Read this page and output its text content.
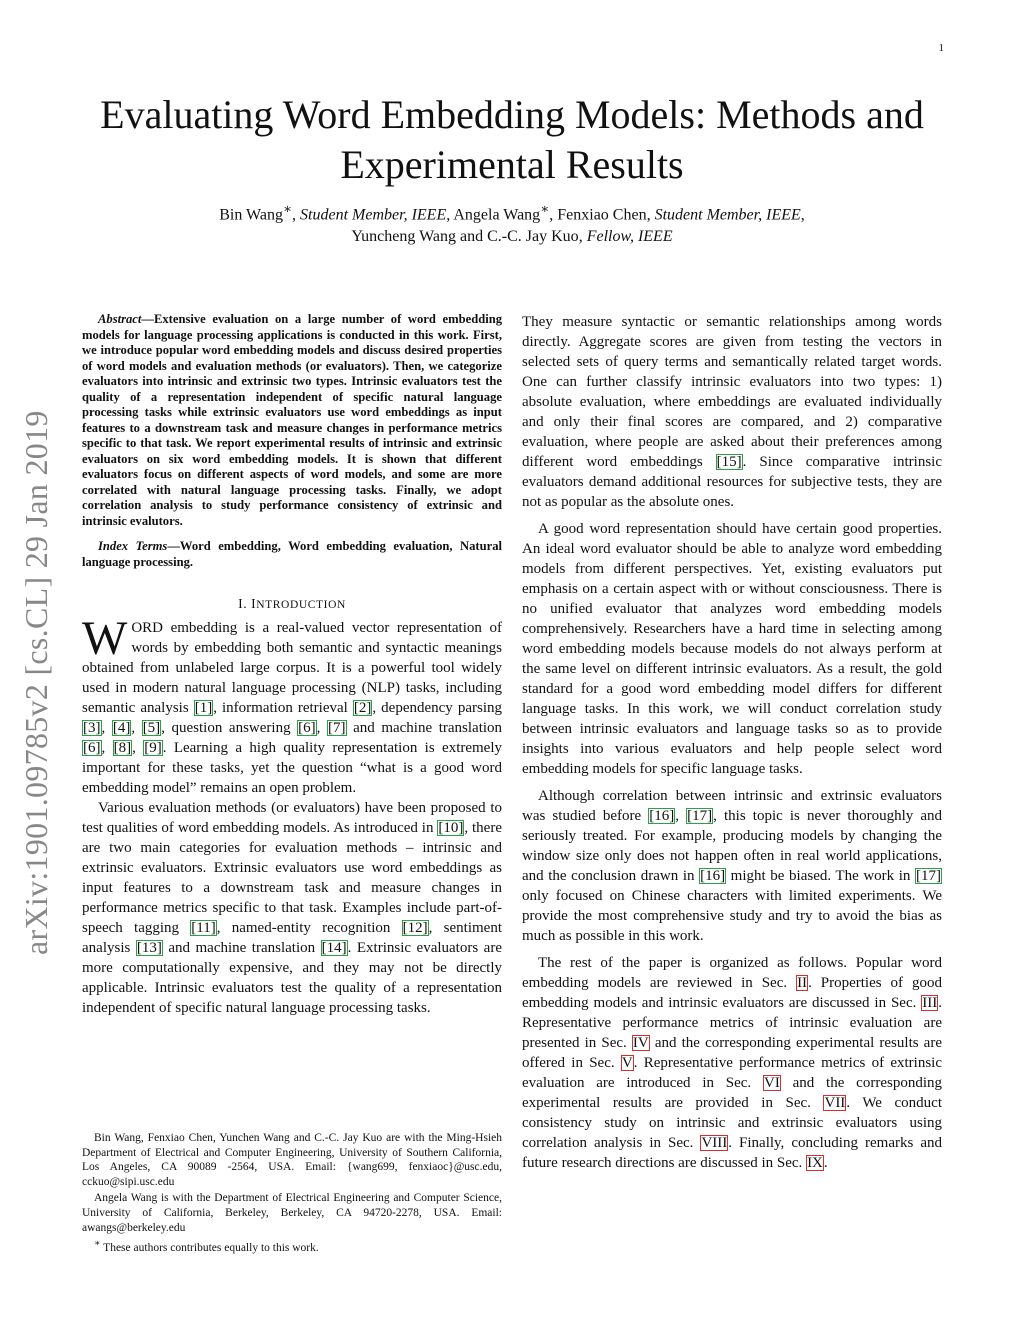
1
arXiv:1901.09785v2 [cs.CL] 29 Jan 2019
Evaluating Word Embedding Models: Methods and
Experimental Results
Bin Wang∗, Student Member, IEEE, Angela Wang∗, Fenxiao Chen, Student Member, IEEE,
Yuncheng Wang and C.-C. Jay Kuo, Fellow, IEEE

Abstract—Extensive evaluation on a large number of word embedding models for language processing applications is conducted in this work. First, we introduce popular word embedding models and discuss desired properties of word models and evaluation methods (or evaluators). Then, we categorize evaluators into intrinsic and extrinsic two types. Intrinsic evaluators test the quality of a representation independent of specific natural language processing tasks while extrinsic evaluators use word embeddings as input features to a downstream task and measure changes in performance metrics specific to that task. We report experimental results of intrinsic and extrinsic evaluators on six word embedding models. It is shown that different evaluators focus on different aspects of word models, and some are more correlated with natural language processing tasks. Finally, we adopt correlation analysis to study performance consistency of extrinsic and intrinsic evalutors.

Index Terms—Word embedding, Word embedding evaluation, Natural language processing.

I. INTRODUCTION

WORD embedding is a real-valued vector representation of words by embedding both semantic and syntactic meanings obtained from unlabeled large corpus. It is a powerful tool widely used in modern natural language processing (NLP) tasks, including semantic analysis [1], information retrieval [2], dependency parsing [3], [4], [5], question answering [6], [7] and machine translation [6], [8], [9]. Learning a high quality representation is extremely important for these tasks, yet the question “what is a good word embedding model” remains an open problem.

Various evaluation methods (or evaluators) have been proposed to test qualities of word embedding models. As introduced in [10], there are two main categories for evaluation methods – intrinsic and extrinsic evaluators. Extrinsic evaluators use word embeddings as input features to a downstream task and measure changes in performance metrics specific to that task. Examples include part-of-speech tagging [11], named-entity recognition [12], sentiment analysis [13] and machine translation [14]. Extrinsic evaluators are more computationally expensive, and they may not be directly applicable. Intrinsic evaluators test the quality of a representation independent of specific natural language processing tasks.

Bin Wang, Fenxiao Chen, Yunchen Wang and C.-C. Jay Kuo are with the Ming-Hsieh Department of Electrical and Computer Engineering, University of Southern California, Los Angeles, CA 90089 -2564, USA. Email: {wang699, fenxiaoc}@usc.edu, cckuo@sipi.usc.edu

Angela Wang is with the Department of Electrical Engineering and Computer Science, University of California, Berkeley, Berkeley, CA 94720-2278, USA. Email: awangs@berkeley.edu

∗ These authors contributes equally to this work.

They measure syntactic or semantic relationships among words directly. Aggregate scores are given from testing the vectors in selected sets of query terms and semantically related target words. One can further classify intrinsic evaluators into two types: 1) absolute evaluation, where embeddings are evaluated individually and only their final scores are compared, and 2) comparative evaluation, where people are asked about their preferences among different word embeddings [15]. Since comparative intrinsic evaluators demand additional resources for subjective tests, they are not as popular as the absolute ones.

A good word representation should have certain good properties. An ideal word evaluator should be able to analyze word embedding models from different perspectives. Yet, existing evaluators put emphasis on a certain aspect with or without consciousness. There is no unified evaluator that analyzes word embedding models comprehensively. Researchers have a hard time in selecting among word embedding models because models do not always perform at the same level on different intrinsic evaluators. As a result, the gold standard for a good word embedding model differs for different language tasks. In this work, we will conduct correlation study between intrinsic evaluators and language tasks so as to provide insights into various evaluators and help people select word embedding models for specific language tasks.

Although correlation between intrinsic and extrinsic evaluators was studied before [16], [17], this topic is never thoroughly and seriously treated. For example, producing models by changing the window size only does not happen often in real world applications, and the conclusion drawn in [16] might be biased. The work in [17] only focused on Chinese characters with limited experiments. We provide the most comprehensive study and try to avoid the bias as much as possible in this work.

The rest of the paper is organized as follows. Popular word embedding models are reviewed in Sec. II. Properties of good embedding models and intrinsic evaluators are discussed in Sec. III. Representative performance metrics of intrinsic evaluation are presented in Sec. IV and the corresponding experimental results are offered in Sec. V. Representative performance metrics of extrinsic evaluation are introduced in Sec. VI and the corresponding experimental results are provided in Sec. VII. We conduct consistency study on intrinsic and extrinsic evaluators using correlation analysis in Sec. VIII. Finally, concluding remarks and future research directions are discussed in Sec. IX.
